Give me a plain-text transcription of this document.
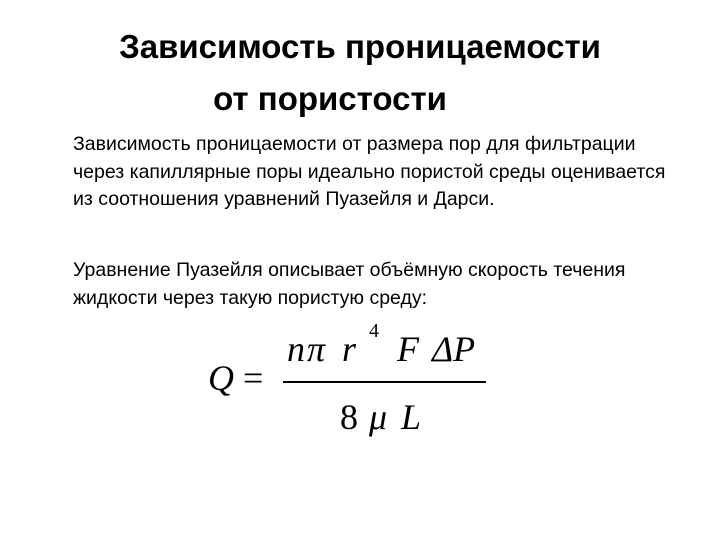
Зависимость проницаемости
от пористости

Зависимость проницаемости от размера пор для фильтрации через капиллярные поры идеально пористой среды оценивается из соотношения уравнений Пуазейля и Дарси.

Уравнение Пуазейля описывает объёмную скорость течения жидкости через такую пористую среду:

Q =
n π r 4 F ΔP
8 μ L
